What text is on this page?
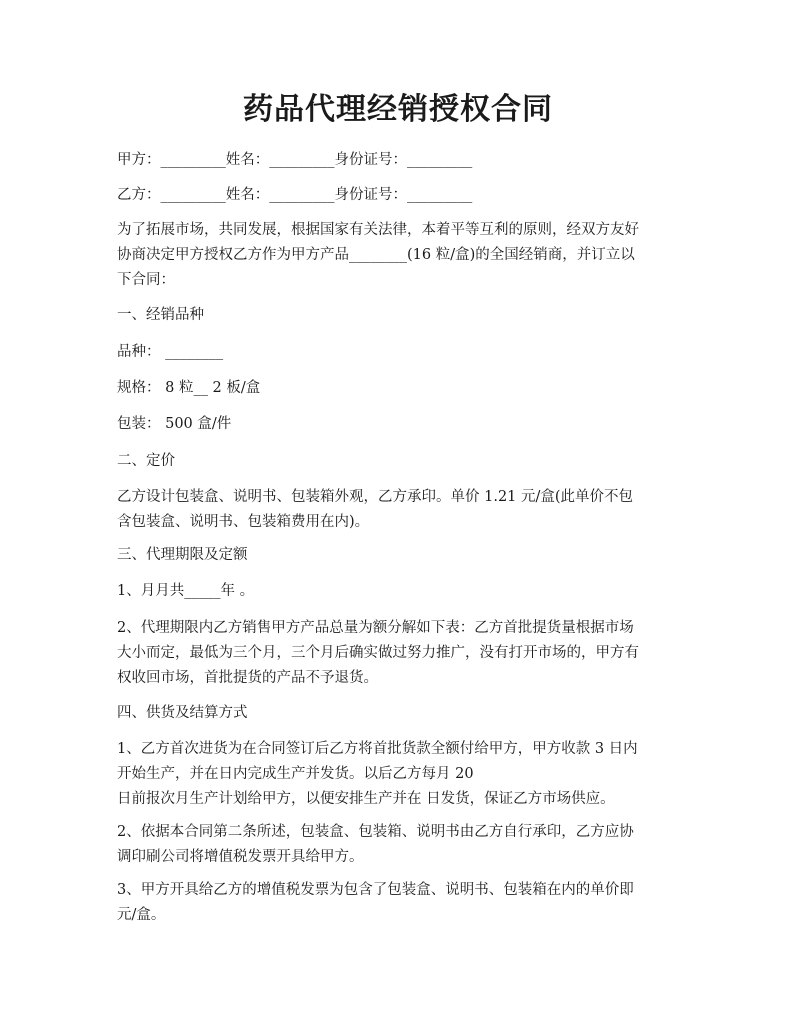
药品代理经销授权合同
甲方：_________姓名：_________身份证号：_________
乙方：_________姓名：_________身份证号：_________
为了拓展市场，共同发展，根据国家有关法律，本着平等互利的原则，经双方友好
协商决定甲方授权乙方作为甲方产品________(16 粒/盒)的全国经销商，并订立以
下合同：
一、经销品种
品种： ________
规格： 8 粒__ 2 板/盒
包装： 500 盒/件
二、定价
乙方设计包装盒、说明书、包装箱外观，乙方承印。单价 1.21 元/盒(此单价不包
含包装盒、说明书、包装箱费用在内)。
三、代理期限及定额
1、月月共_____年 。
2、代理期限内乙方销售甲方产品总量为额分解如下表：乙方首批提货量根据市场
大小而定，最低为三个月，三个月后确实做过努力推广，没有打开市场的，甲方有
权收回市场，首批提货的产品不予退货。
四、供货及结算方式
1、乙方首次进货为在合同签订后乙方将首批货款全额付给甲方，甲方收款 3 日内
开始生产，并在日内完成生产并发货。以后乙方每月 20
日前报次月生产计划给甲方，以便安排生产并在 日发货，保证乙方市场供应。
2、依据本合同第二条所述，包装盒、包装箱、说明书由乙方自行承印，乙方应协
调印刷公司将增值税发票开具给甲方。
3、甲方开具给乙方的增值税发票为包含了包装盒、说明书、包装箱在内的单价即
元/盒。
